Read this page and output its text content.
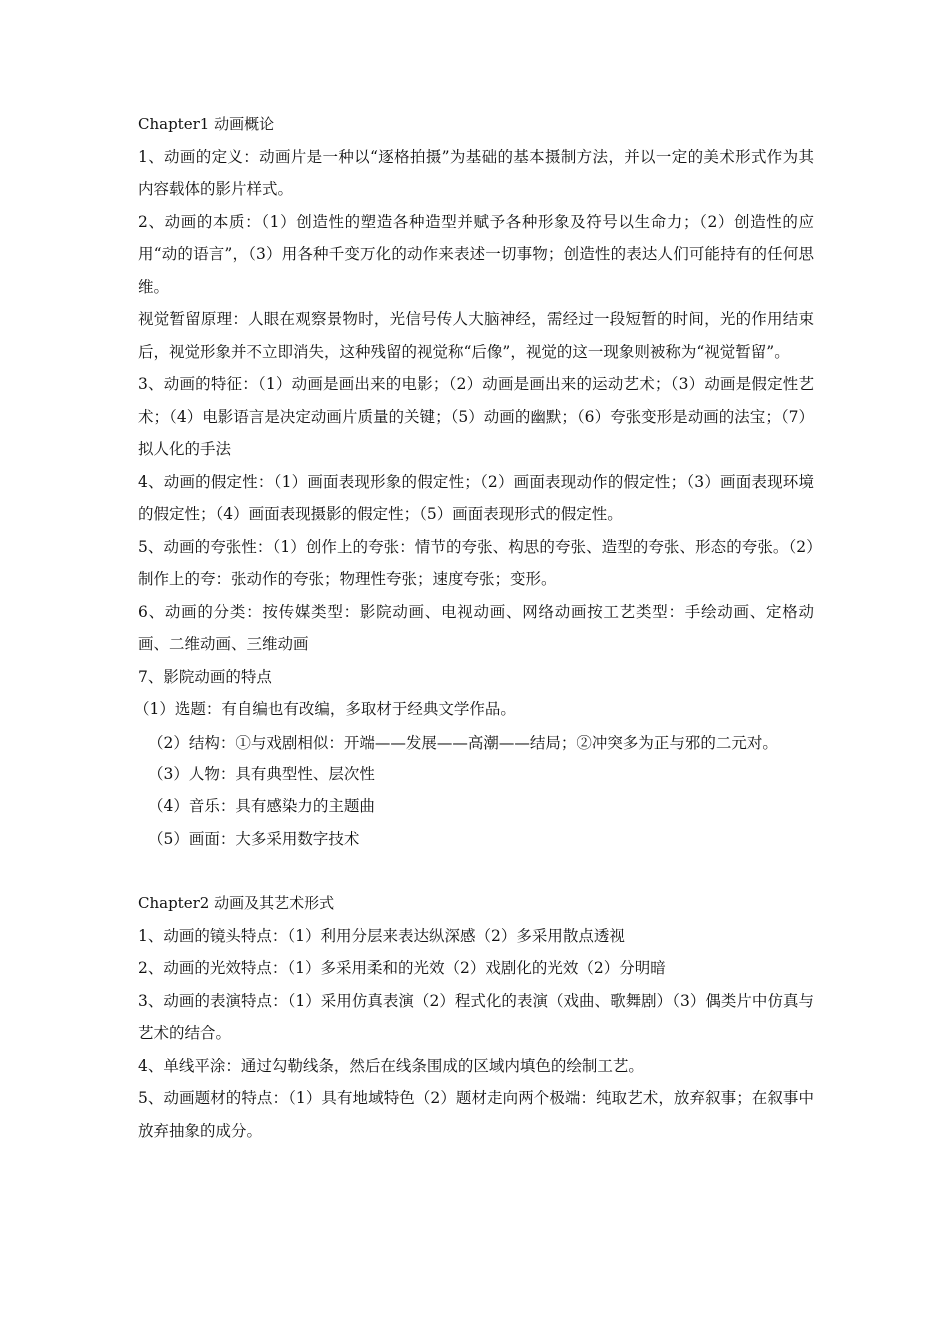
Chapter1 动画概论

1、动画的定义：动画片是一种以“逐格拍摄”为基础的基本摄制方法，并以一定的美术形式作为其内容载体的影片样式。

2、动画的本质：（1）创造性的塑造各种造型并赋予各种形象及符号以生命力；（2）创造性的应用“动的语言”，（3）用各种千变万化的动作来表述一切事物；创造性的表达人们可能持有的任何思维。

视觉暂留原理：人眼在观察景物时，光信号传人大脑神经，需经过一段短暂的时间，光的作用结束后，视觉形象并不立即消失，这种残留的视觉称“后像”，视觉的这一现象则被称为“视觉暂留”。

3、动画的特征：（1）动画是画出来的电影；（2）动画是画出来的运动艺术；（3）动画是假定性艺术；（4）电影语言是决定动画片质量的关键；（5）动画的幽默；（6）夸张变形是动画的法宝；（7）拟人化的手法

4、动画的假定性：（1）画面表现形象的假定性；（2）画面表现动作的假定性；（3）画面表现环境的假定性；（4）画面表现摄影的假定性；（5）画面表现形式的假定性。

5、动画的夸张性：（1）创作上的夸张：情节的夸张、构思的夸张、造型的夸张、形态的夸张。（2）制作上的夸：张动作的夸张；物理性夸张；速度夸张；变形。

6、动画的分类：按传媒类型：影院动画、电视动画、网络动画按工艺类型：手绘动画、定格动画、二维动画、三维动画

7、影院动画的特点

（1）选题：有自编也有改编，多取材于经典文学作品。

（2）结构：①与戏剧相似：开端——发展——高潮——结局；②冲突多为正与邪的二元对。

（3）人物：具有典型性、层次性

（4）音乐：具有感染力的主题曲

（5）画面：大多采用数字技术

Chapter2 动画及其艺术形式

1、动画的镜头特点：（1）利用分层来表达纵深感（2）多采用散点透视

2、动画的光效特点：（1）多采用柔和的光效（2）戏剧化的光效（2）分明暗

3、动画的表演特点：（1）采用仿真表演（2）程式化的表演（戏曲、歌舞剧）（3）偶类片中仿真与艺术的结合。

4、单线平涂：通过勾勒线条，然后在线条围成的区域内填色的绘制工艺。

5、动画题材的特点：（1）具有地域特色（2）题材走向两个极端：纯取艺术，放弃叙事；在叙事中放弃抽象的成分。
